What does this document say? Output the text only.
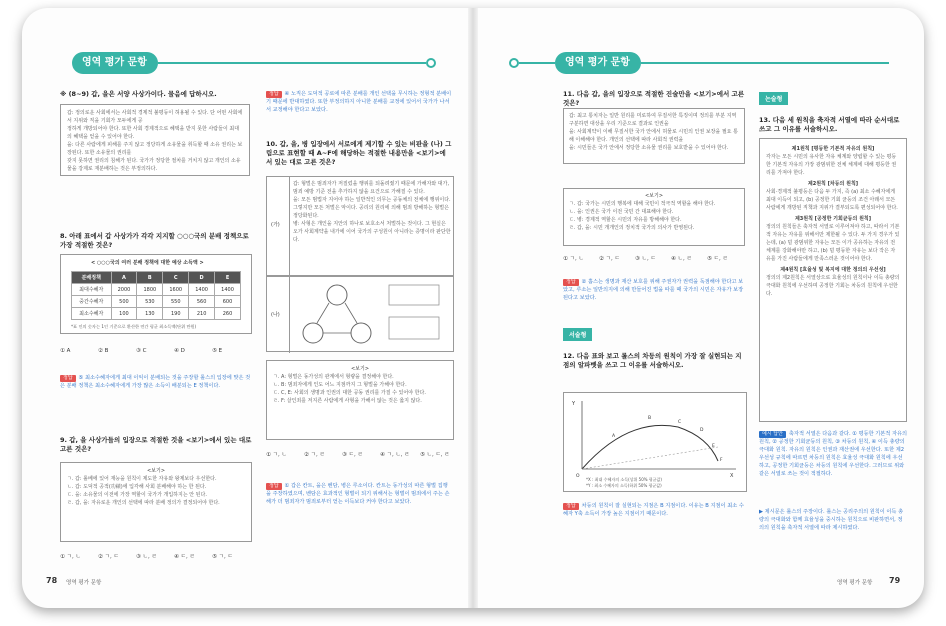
영역 평가 문항
※ (8~9) 갑, 을은 서양 사상가이다. 물음에 답하시오.
갑: 정의로운 사회에서는 사회적 경제적 불평등이 허용될 수 있다. 단 어떤 사회에서 지위와 직을 기회가 모두에게 공
정하게 개방되어야 한다. 또한 사회 경제적으로 혜택을 받지 못한 사람들이 최대의 혜택을 얻을 수 있어야 한다.
을: 다른 사람에게 피해를 주지 않고 정당하게 소유물을 취득할 때 소유 권리는 보장된다. 또한 소유물의 권리를
갖지 못하면 권리의 침해가 된다. 국가가 정당한 절차를 거치지 않고 개인의 소유물을 강제로 재분배하는 것은 부정의하다.
8. 아래 표에서 갑 사상가가 각각 지지할 ○○○국의 분배 정책으로 가장 적절한 것은?
< ○○○국의 여러 분배 정책에 대한 예상 소득액 >
분배정책	A	B	C	D	E
최대수혜자	2000	1800	1600	1400	1400
중간수혜자	500	530	550	560	600
최소수혜자	100	130	190	210	260
*표 인의 숫자는 1인 기준으로 환산한 연간 평균 최소득액(단위 만원)
① A	② B	③ C	④ D	⑤ E
정답 ⑤ 최소수혜자에게 최대 이익이 분배되는 것을 주장할 롤스의 입장에 맞은 것은 분배 정책은 최소수혜자에게 가장 많은 소득이 배분되는 E 정책이다.
9. 갑, 을 사상가들의 입장으로 적절한 것을 <보기>에서 있는 대로 고른 것은?
<보기>
ㄱ. 갑: 롤베에 있어 재능을 원칙이 제도한 자유와 왕제보다 우선한다.
ㄴ. 갑: 도덕적 공적(功績)에 입각해 사회 분배해야 하는 한 된다.
ㄷ. 을: 소유물의 이전에 가장 역할이 국가가 개입하지는 안 된다.
ㄹ. 갑, 을: 자유로운 개인의 선택에 따라 분배 정의가 결정되어야 한다.
① ㄱ, ㄴ	② ㄱ, ㄷ	③ ㄴ, ㄹ	④ ㄷ, ㄹ	⑤ ㄱ, ㄷ
정답 ④ 노직은 도덕적 공로에 따른 분배를 개인 선택을 무시하는 정형적 분배이기 때문에 반대하였다. 또한 부정의하지 아니한 분배를 교정에 있어서 국가가 나서서 교정해야 한다고 보았다.
10. 갑, 을, 병 입장에서 서로에게 제기할 수 있는 비판을 (나) 그림으로 표현할 때 A~F에 해당하는 적절한 내용만을 <보기>에서 있는 대로 고른 것은?
(가)
갑: 형벌은 범죄자가 저질렀을 행위를 되돌려줬기 때문에 가해자와 대가, 범죄 예방 기준 전을 추가하지 않을 요건으로 가해질 수 있다.
을: 모든 범법자 지어야 하는 일반적인 의무는 공동체의 전체에 행위이다. 그렇지만 모든 처벌은 악이다. 공리의 원리에 의해 범죄 방해하는 형벌은 정당화된다.
병: 사형은 개인을 지안의 하나로 보호소서 처벌하는 것이다. 그 현실은 오가 사회계약을 내가에 이어 국가의 구성원이 아니라는 증명이라 판단한다.
(나)
<보기>
ㄱ. A: 형벌은 동가성의 관계에서 형량을 결정해야 한다.
ㄴ. B: 범죄자에게 인도 어느 지점까지 그 형벌을 가해야 한다.
ㄷ. C, E: 사회의 생명과 인권의 대한 공동 권리를 가질 수 있어야 한다.
ㄹ. F: 살인죄를 저지른 사람에게 사형을 가해서 않는 것은 옳지 않다.
① ㄱ, ㄴ	② ㄱ, ㄹ	③ ㄷ, ㄹ	④ ㄱ, ㄴ, ㄹ ⑤ ㄴ, ㄷ, ㄹ
정답 ① 갑은 칸트, 을은 벤담, 병은 루소이다. 칸트는 동가성의 따른 형벌 집행을 주장하였으며, 벤담은 효과적인 형벌이 되기 위해서는 형벌이 범죄에서 주는 손해가 더 범죄자가 범죄로부터 얻는 이득보다 커야 한다고 보았다.
78 영역 평가 문항
영역 평가 문항
11. 다음 갑, 을의 입장으로 적절한 진술만을 <보기>에서 고른 것은?
갑: 최고 통치자는 일반 원리를 미로하여 무질서한 특징이며 정의를 부분 지역 구분하면 대상을 우리 기준으로 결과로 인권을
을: 사회계약이 이해 무질서한 국가 안에서 허물로 시민의 인권 보장을 필요 통해 이해해야 한다. 개인의 선택에 따라 사회적 권력을
을: 시민들은 국가 안에서 정당한 소유물 권리를 보호받을 수 있어야 한다.
<보기>
ㄱ. 갑: 국가는 시민의 행복에 대해 국민이 적극적 역할을 해야 한다.
ㄴ. 을: 인권은 국가 이전 국민 간 대표해야 한다.
ㄷ. 병: 경제적 역할은 시민의 자유를 방해해야 한다.
ㄹ. 갑, 을: 시민 개개인의 정치적 국가의 의사가 반영된다.
① ㄱ, ㄴ	② ㄱ, ㄷ	③ ㄴ, ㄷ	④ ㄴ, ㄹ	⑤ ㄷ, ㄹ
정답 ② 홉스는 생명과 재산 보호를 위해 주권자가 권력을 독점해야 한다고 보았고, 루소는 일반의지에 의해 만들어진 법을 따를 때 국가의 시민은 자유가 보장된다고 보았다.
서술형
12. 다음 표와 보고 롤스의 차등의 원칙이 가장 잘 실현되는 지점의 알파벳을 쓰고 그 이유를 서술하시오.
Y
X
O
A
B
C
D
E
F
*X : 최대 수혜자의 소득(상위 50% 평균값)
*Y : 최소 수혜자의 소득(하위 50% 평균값)
정답 차등의 원칙이 잘 실현되는 지점은 B 지점이다. 이유는 B 지점이 최소 수혜자 Y축 소득이 가장 높은 지점이기 때문이다.
논술형
13. 다음 세 원칙을 축자적 서열에 따라 순서대로 쓰고 그 이유를 서술하시오.
제1원칙 [평등한 기본적 자유의 원칙]
각자는 모든 시민의 유사한 자유 체계와 양립할 수 있는 평등한 기본적 자유의 가장 광범위한 전체 체계에 대해 평등한 권리를 가져야 한다.
제2원칙 [차등의 원칙]
사회·경제적 불평등은 다음 두 가지, 즉 (a) 최소 수혜자에게 최대 이득이 되고, (b) 공정한 기회 균등의 조건 아래서 모든 사람에게 개방된 직책과 지위가 결부되도록 편성되어야 한다.
제3원칙 [공정한 기회균등의 원칙]
정의의 원칙들은 축자적 서열로 이루어져야 하고, 따라서 기본적 자유는 자유를 위해서만 제한될 수 있다. 두 가지 경우가 있는데, (a) 덜 광범위한 자유는 모든 이가 공유하는 자유의 전 체계를 강화해야만 하고, (b) 덜 평등한 자유는 보다 작은 자유를 가진 사람들에게 만족스러운 것이어야 한다.
제4원칙 [효율성 및 복지에 대한 정의의 우선성]
정의의 제2원칙은 서열상으로 효율성의 원칙이나 이득 총량의 극대화 원칙에 우선하며 공정한 기회는 차등의 원칙에 우선한다.
예시 답안 축자적 서열은 다음과 같다. ① 평등한 기본적 자유의 원칙, ② 공정한 기회균등의 원칙, ③ 차등의 원칙, ④ 이득 총량의 극대화 원칙. 자유의 원칙은 인권과 재산권에 우선한다. 또한 제2 우선성 규칙에 따르면 차등의 원칙은 효율성 극대화 원칙에 우선하고, 공정한 기회균등은 차등의 원칙에 우선한다. 그러므로 위와 같은 서열로 쓰는 것이 적절하다.
▶ 제시문은 롤스의 주장이다. 롤스는 공리주의의 원칙이 이득 총량의 극대화와 함께 효율성을 중시하는 원칙으로 비판하면서, 정의의 원칙을 축자적 서열에 따라 제시하였다.
영역 평가 문항 79
